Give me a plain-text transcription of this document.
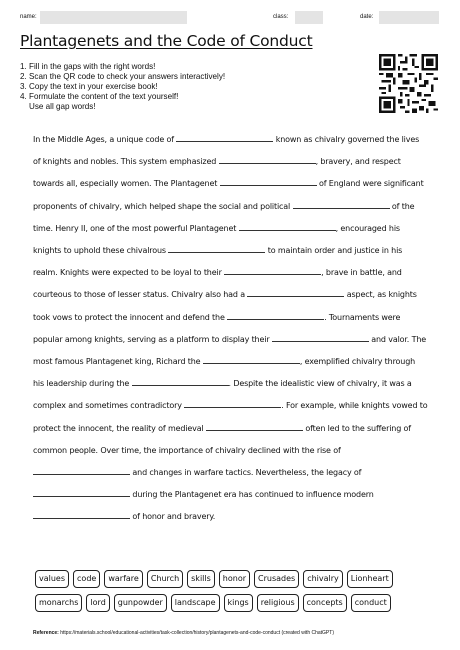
name:	class:	date:
Plantagenets and the Code of Conduct
1. Fill in the gaps with the right words!
2. Scan the QR code to check your answers interactively!
3. Copy the text in your exercise book!
4. Formulate the content of the text yourself!
Use all gap words!
In the Middle Ages, a unique code of	known as chivalry governed the lives of knights and nobles. This system emphasized	, bravery, and respect towards all, especially women. The Plantagenet	of England were significant proponents of chivalry, which helped shape the social and political	of the time. Henry II, one of the most powerful Plantagenet	, encouraged his knights to uphold these chivalrous	to maintain order and justice in his realm. Knights were expected to be loyal to their	, brave in battle, and courteous to those of lesser status. Chivalry also had a	aspect, as knights took vows to protect the innocent and defend the	. Tournaments were popular among knights, serving as a platform to display their	and valor. The most famous Plantagenet king, Richard the	, exemplified chivalry through his leadership during the	. Despite the idealistic view of chivalry, it was a complex and sometimes contradictory	. For example, while knights vowed to protect the innocent, the reality of medieval	often led to the suffering of common people. Over time, the importance of chivalry declined with the rise of  and changes in warfare tactics. Nevertheless, the legacy of  during the Plantagenet era has continued to influence modern  of honor and bravery.
values	code	warfare	Church	skills	honor	Crusades	chivalry	Lionheart
monarchs	lord	gunpowder	landscape	kings	religious	concepts	conduct
Reference: https://materials.school/educational-activities/task-collection/history/plantagenets-and-code-conduct (created with ChatGPT)
